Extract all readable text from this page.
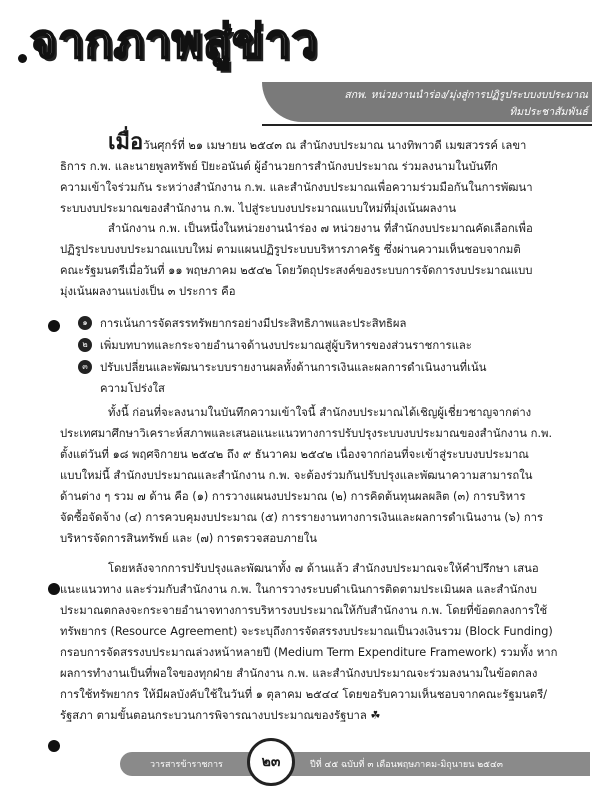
จากภาพสู่ข่าว
สกพ. หน่วยงานนำร่อง/มุ่งสู่การปฏิรูประบบงบประมาณ
ทิมประชาสัมพันธ์
เมื่อวันศุกร์ที่ ๒๑ เมษายน ๒๕๔๓ ณ สำนักงบประมาณ นางทิพาวดี เมฆสวรรค์ เลขา
ธิการ ก.พ. และนายพูลทรัพย์ ปิยะอนันต์ ผู้อำนวยการสำนักงบประมาณ ร่วมลงนามในบันทึก
ความเข้าใจร่วมกัน ระหว่างสำนักงาน ก.พ. และสำนักงบประมาณเพื่อความร่วมมือกันในการพัฒนา
ระบบงบประมาณของสำนักงาน ก.พ. ไปสู่ระบบงบประมาณแบบใหม่ที่มุ่งเน้นผลงาน
สำนักงาน ก.พ. เป็นหนึ่งในหน่วยงานนำร่อง ๗ หน่วยงาน ที่สำนักงบประมาณคัดเลือกเพื่อ
ปฏิรูประบบงบประมาณแบบใหม่ ตามแผนปฏิรูประบบบริหารภาครัฐ ซึ่งผ่านความเห็นชอบจากมติ
คณะรัฐมนตรีเมื่อวันที่ ๑๑ พฤษภาคม ๒๕๔๒ โดยวัตถุประสงค์ของระบบการจัดการงบประมาณแบบ
มุ่งเน้นผลงานแบ่งเป็น ๓ ประการ คือ
๑	การเน้นการจัดสรรทรัพยากรอย่างมีประสิทธิภาพและประสิทธิผล
๒	เพิ่มบทบาทและกระจายอำนาจด้านงบประมาณสู่ผู้บริหารของส่วนราชการและ
๓	ปรับเปลี่ยนและพัฒนาระบบรายงานผลทั้งด้านการเงินและผลการดำเนินงานที่เน้น
ความโปร่งใส
ทั้งนี้ ก่อนที่จะลงนามในบันทึกความเข้าใจนี้ สำนักงบประมาณได้เชิญผู้เชี่ยวชาญจากต่าง
ประเทศมาศึกษาวิเคราะห์สภาพและเสนอแนะแนวทางการปรับปรุงระบบงบประมาณของสำนักงาน ก.พ.
ตั้งแต่วันที่ ๑๘ พฤศจิกายน ๒๕๔๒ ถึง ๙ ธันวาคม ๒๕๔๒ เนื่องจากก่อนที่จะเข้าสู่ระบบงบประมาณ
แบบใหม่นี้ สำนักงบประมาณและสำนักงาน ก.พ. จะต้องร่วมกันปรับปรุงและพัฒนาความสามารถใน
ด้านต่าง ๆ รวม ๗ ด้าน คือ (๑) การวางแผนงบประมาณ (๒) การคิดต้นทุนผลผลิต (๓) การบริหาร
จัดซื้อจัดจ้าง (๔) การควบคุมงบประมาณ (๕) การรายงานทางการเงินและผลการดำเนินงาน (๖) การ
บริหารจัดการสินทรัพย์ และ (๗) การตรวจสอบภายใน
โดยหลังจากการปรับปรุงและพัฒนาทั้ง ๗ ด้านแล้ว สำนักงบประมาณจะให้คำปรึกษา เสนอ
แนะแนวทาง และร่วมกับสำนักงาน ก.พ. ในการวางระบบดำเนินการติดตามประเมินผล และสำนักงบ
ประมาณตกลงจะกระจายอำนาจทางการบริหารงบประมาณให้กับสำนักงาน ก.พ. โดยที่ข้อตกลงการใช้
ทรัพยากร (Resource Agreement) จะระบุถึงการจัดสรรงบประมาณเป็นวงเงินรวม (Block Funding)
กรอบการจัดสรรงบประมาณล่วงหน้าหลายปี (Medium Term Expenditure Framework) รวมทั้ง หาก
ผลการทำงานเป็นที่พอใจของทุกฝ่าย สำนักงาน ก.พ. และสำนักงบประมาณจะร่วมลงนามในข้อตกลง
การใช้ทรัพยากร ให้มีผลบังคับใช้ในวันที่ ๑ ตุลาคม ๒๕๔๔ โดยขอรับความเห็นชอบจากคณะรัฐมนตรี/
รัฐสภา ตามขั้นตอนกระบวนการพิจารณางบประมาณของรัฐบาล ☘
วารสารข้าราชการ	๒๓	ปีที่ ๔๕ ฉบับที่ ๓ เดือนพฤษภาคม-มิถุนายน ๒๕๔๓
